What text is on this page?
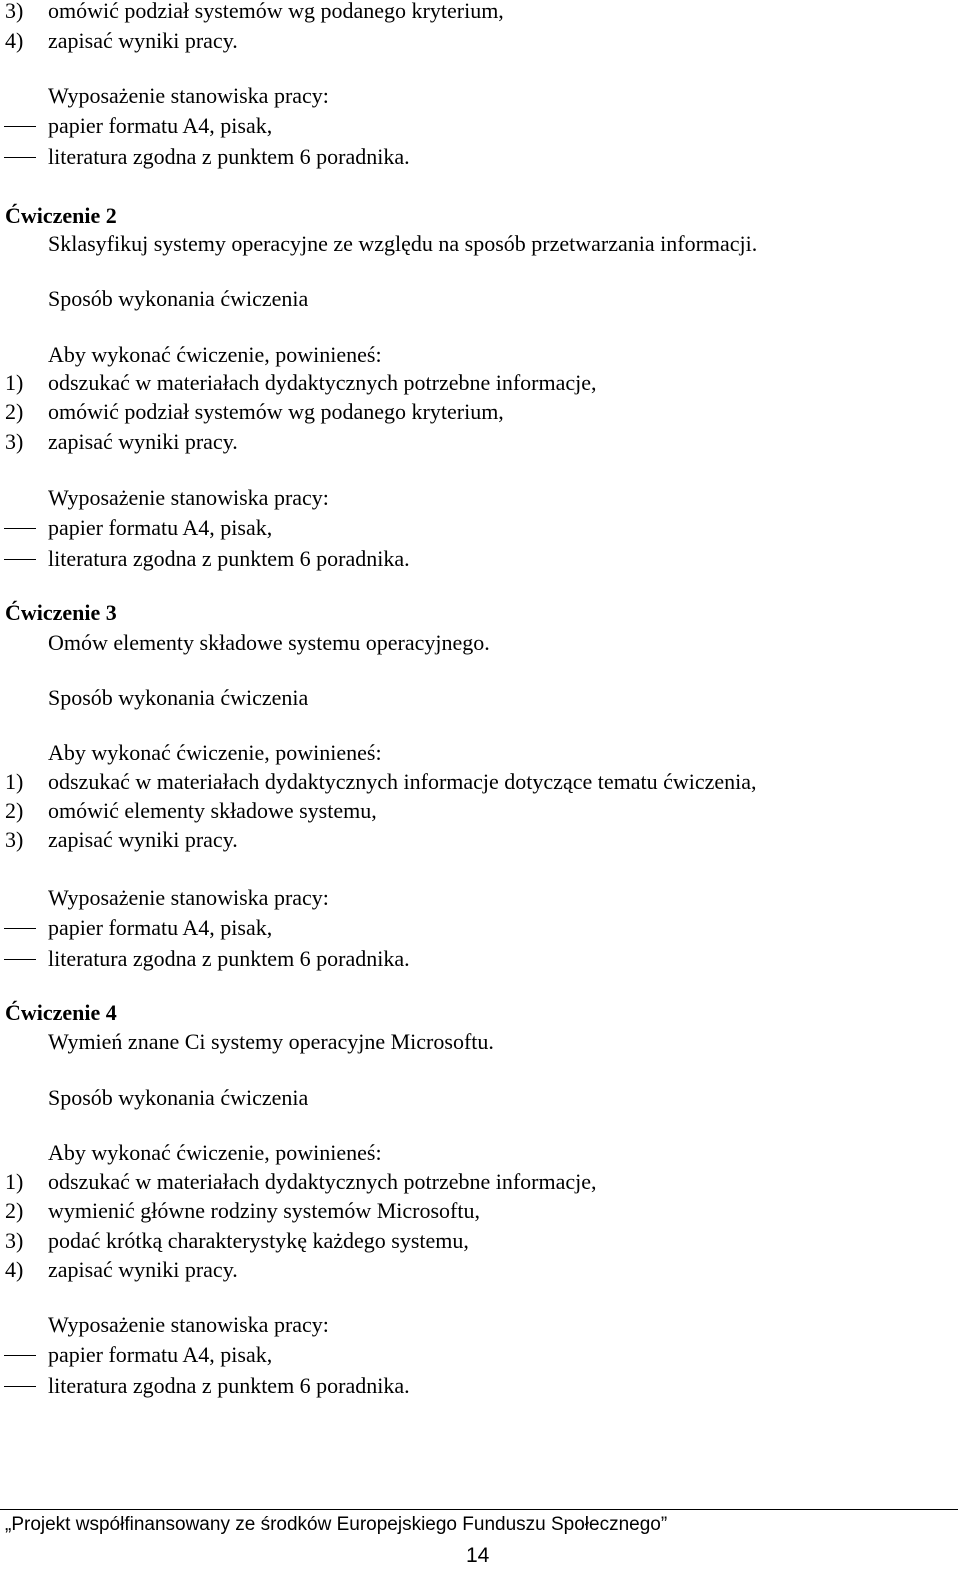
3) omówić podział systemów wg podanego kryterium,
4) zapisać wyniki pracy.
Wyposażenie stanowiska pracy:
papier formatu A4, pisak,
literatura zgodna z punktem 6 poradnika.
Ćwiczenie 2
Sklasyfikuj systemy operacyjne ze względu na sposób przetwarzania informacji.
Sposób wykonania ćwiczenia
Aby wykonać ćwiczenie, powinieneś:
1) odszukać w materiałach dydaktycznych potrzebne informacje,
2) omówić podział systemów wg podanego kryterium,
3) zapisać wyniki pracy.
Wyposażenie stanowiska pracy:
papier formatu A4, pisak,
literatura zgodna z punktem 6 poradnika.
Ćwiczenie 3
Omów elementy składowe systemu operacyjnego.
Sposób wykonania ćwiczenia
Aby wykonać ćwiczenie, powinieneś:
1) odszukać w materiałach dydaktycznych informacje dotyczące tematu ćwiczenia,
2) omówić elementy składowe systemu,
3) zapisać wyniki pracy.
Wyposażenie stanowiska pracy:
papier formatu A4, pisak,
literatura zgodna z punktem 6 poradnika.
Ćwiczenie 4
Wymień znane Ci systemy operacyjne Microsoftu.
Sposób wykonania ćwiczenia
Aby wykonać ćwiczenie, powinieneś:
1) odszukać w materiałach dydaktycznych potrzebne informacje,
2) wymienić główne rodziny systemów Microsoftu,
3) podać krótką charakterystykę każdego systemu,
4) zapisać wyniki pracy.
Wyposażenie stanowiska pracy:
papier formatu A4, pisak,
literatura zgodna z punktem 6 poradnika.
„Projekt współfinansowany ze środków Europejskiego Funduszu Społecznego”
14
